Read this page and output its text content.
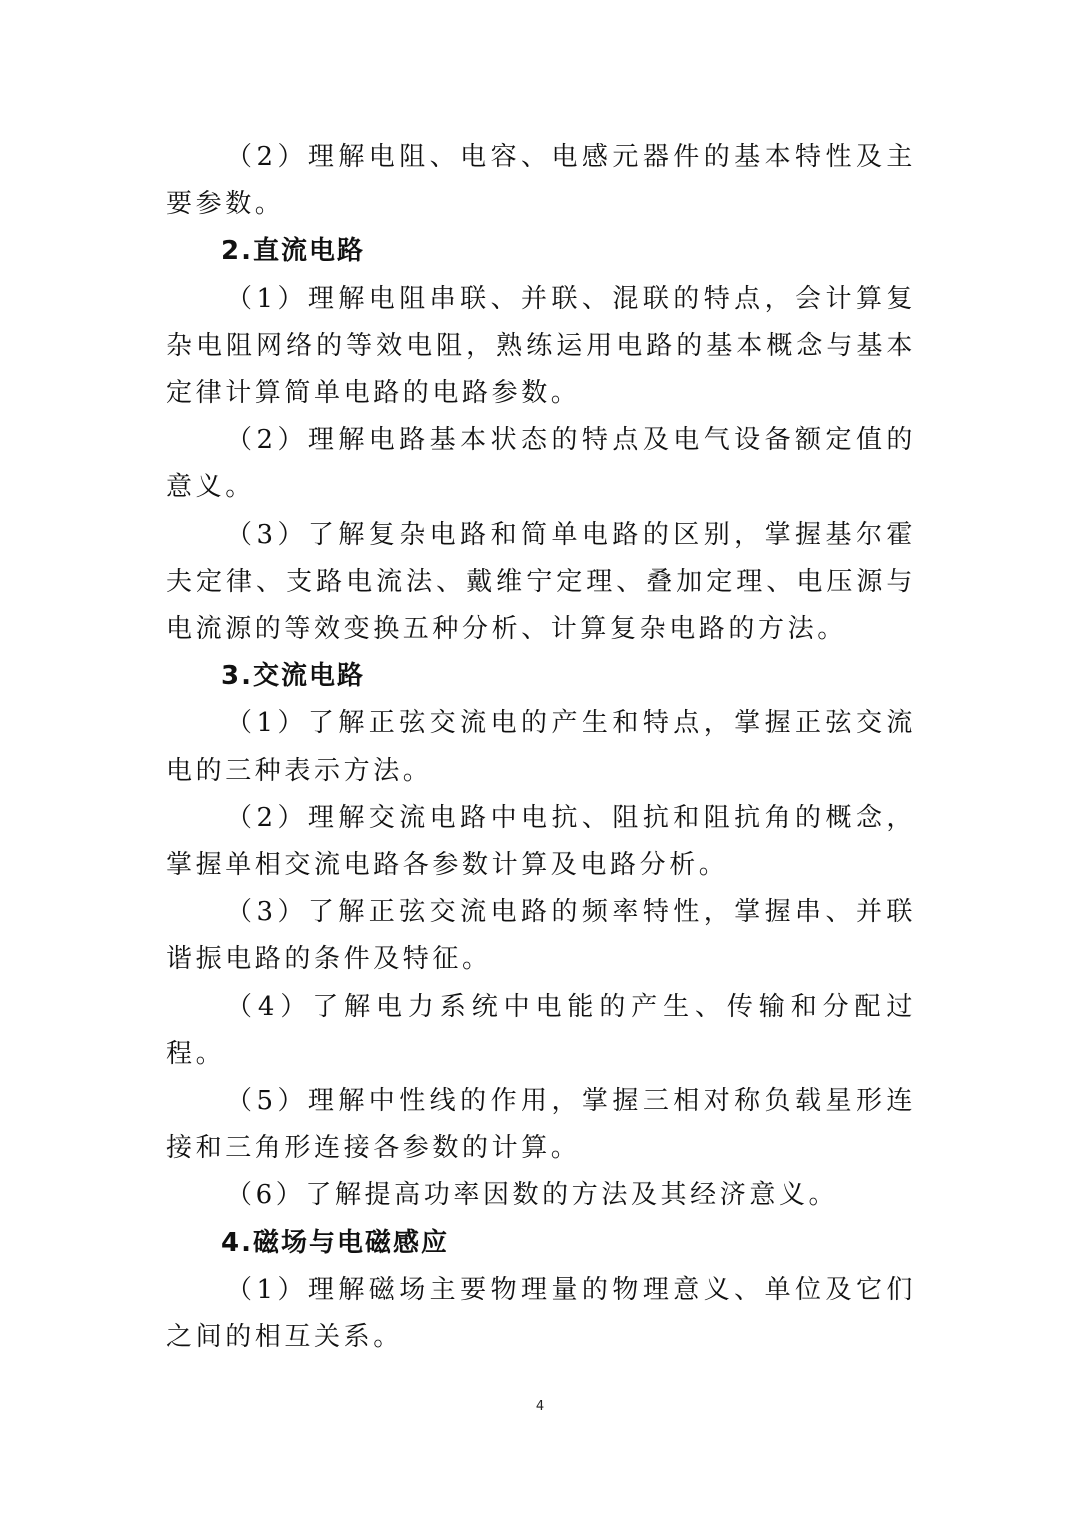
（2）理解电阻、电容、电感元器件的基本特性及主要参数。

2.直流电路

（1）理解电阻串联、并联、混联的特点，会计算复杂电阻网络的等效电阻，熟练运用电路的基本概念与基本定律计算简单电路的电路参数。

（2）理解电路基本状态的特点及电气设备额定值的意义。

（3）了解复杂电路和简单电路的区别，掌握基尔霍夫定律、支路电流法、戴维宁定理、叠加定理、电压源与电流源的等效变换五种分析、计算复杂电路的方法。

3.交流电路

（1）了解正弦交流电的产生和特点，掌握正弦交流电的三种表示方法。

（2）理解交流电路中电抗、阻抗和阻抗角的概念，掌握单相交流电路各参数计算及电路分析。

（3）了解正弦交流电路的频率特性，掌握串、并联谐振电路的条件及特征。

（4）了解电力系统中电能的产生、传输和分配过程。

（5）理解中性线的作用，掌握三相对称负载星形连接和三角形连接各参数的计算。

（6）了解提高功率因数的方法及其经济意义。

4.磁场与电磁感应

（1）理解磁场主要物理量的物理意义、单位及它们之间的相互关系。

4
